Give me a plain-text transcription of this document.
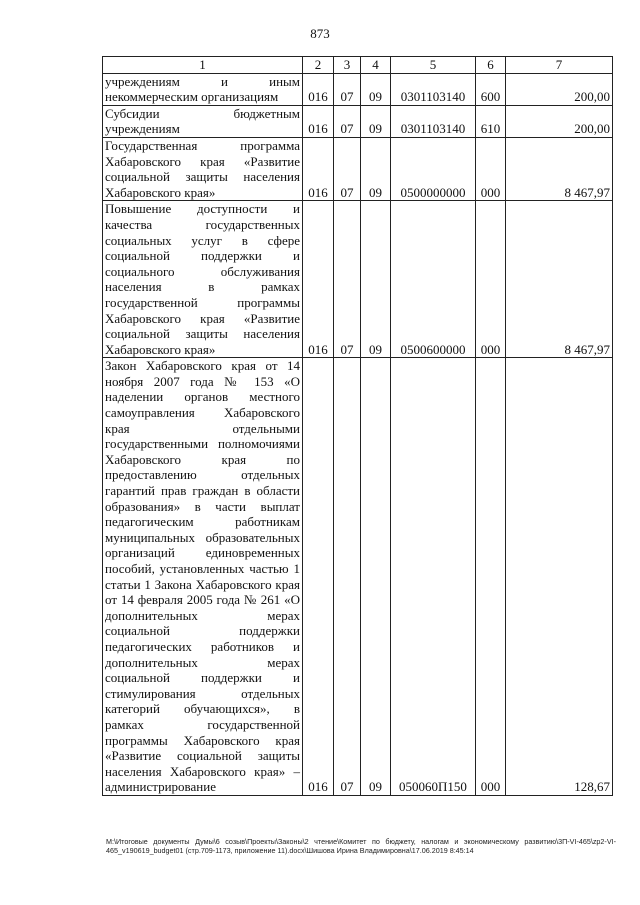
873
1	2	3	4	5	6	7
учреждениям и иным некоммерческим организациям	016	07	09	0301103140	600	200,00
Субсидии бюджетным учреждениям	016	07	09	0301103140	610	200,00
Государственная программа Хабаровского края «Развитие социальной защиты населения Хабаровского края»	016	07	09	0500000000	000	8 467,97
Повышение доступности и качества государственных социальных услуг в сфере социальной поддержки и социального обслуживания населения в рамках государственной программы Хабаровского края «Развитие социальной защиты населения Хабаровского края»	016	07	09	0500600000	000	8 467,97
Закон Хабаровского края от 14 ноября 2007 года № 153 «О наделении органов местного самоуправления Хабаровского края отдельными государственными полномочиями Хабаровского края по предоставлению отдельных гарантий прав граждан в области образования» в части выплат педагогическим работникам муниципальных образовательных организаций единовременных пособий, установленных частью 1 статьи 1 Закона Хабаровского края от 14 февраля 2005 года № 261 «О дополнительных мерах социальной поддержки педагогических работников и дополнительных мерах социальной поддержки и стимулирования отдельных категорий обучающихся», в рамках государственной программы Хабаровского края «Развитие социальной защиты населения Хабаровского края» – администрирование	016	07	09	050060П150	000	128,67
M:\Итоговые документы Думы\6 созыв\Проекты\Законы\2 чтение\Комитет по бюджету, налогам и экономическому развитию\3П-VI-465\zp2-VI-465_v190619_budget01 (стр.709-1173, приложение 11).docx\Шишова Ирина Владимировна\17.06.2019 8:45:14
